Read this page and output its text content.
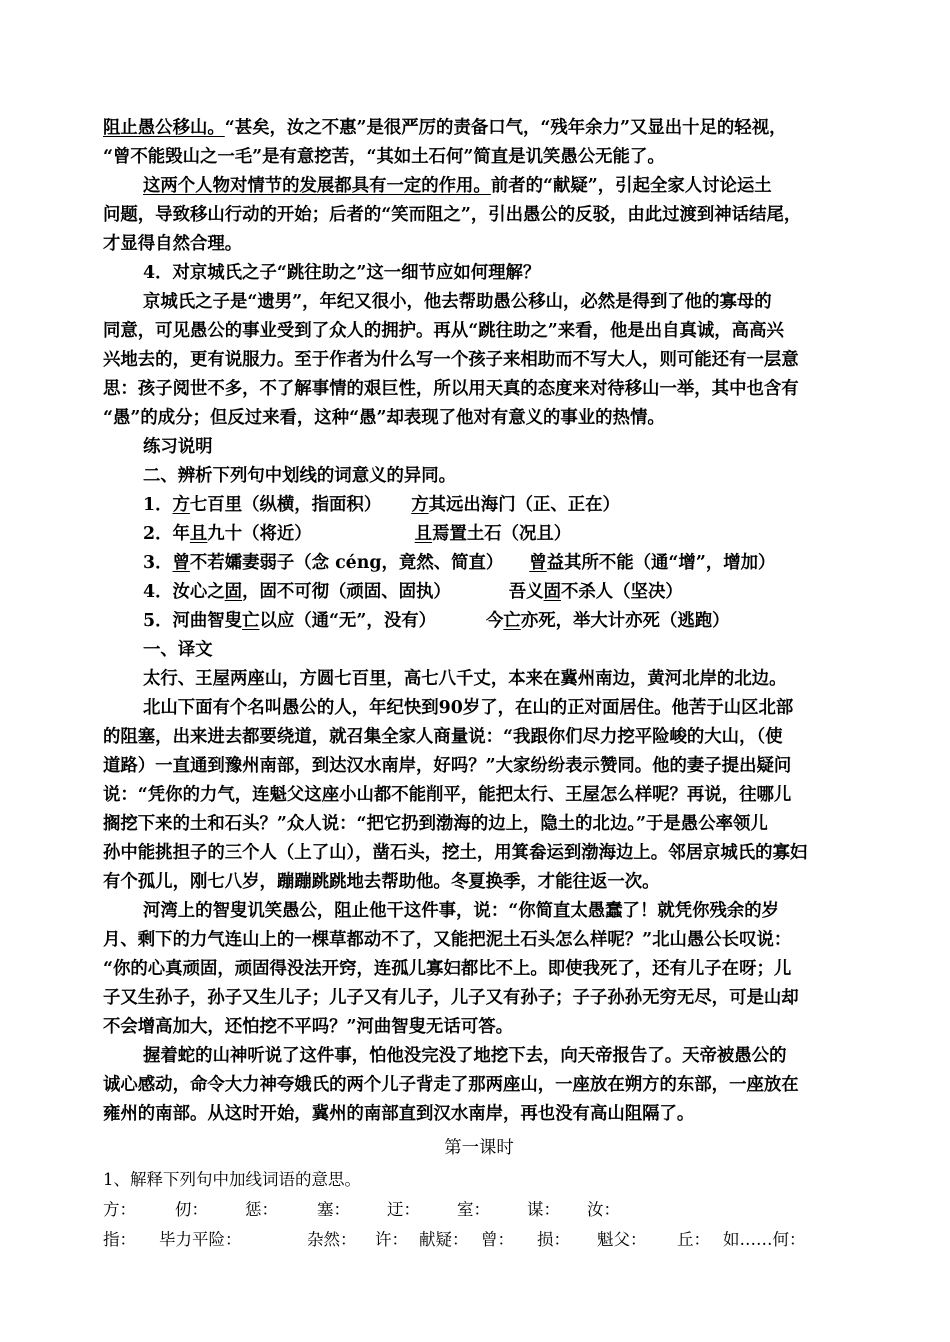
阻止愚公移山。“甚矣，汝之不惠”是很严厉的责备口气，“残年余力”又显出十足的轻视，
“曾不能毁山之一毛”是有意挖苦，“其如土石何”简直是讥笑愚公无能了。
这两个人物对情节的发展都具有一定的作用。前者的“献疑”，引起全家人讨论运土
问题，导致移山行动的开始；后者的“笑而阻之”，引出愚公的反驳，由此过渡到神话结尾，
才显得自然合理。
4．对京城氏之子“跳往助之”这一细节应如何理解？
京城氏之子是“遗男”，年纪又很小，他去帮助愚公移山，必然是得到了他的寡母的
同意，可见愚公的事业受到了众人的拥护。再从“跳往助之”来看，他是出自真诚，高高兴
兴地去的，更有说服力。至于作者为什么写一个孩子来相助而不写大人，则可能还有一层意
思：孩子阅世不多，不了解事情的艰巨性，所以用天真的态度来对待移山一举，其中也含有
“愚”的成分；但反过来看，这种“愚”却表现了他对有意义的事业的热情。
练习说明
二、辨析下列句中划线的词意义的异同。
1．方七百里（纵横，指面积） 方其远出海门（正、正在）
2．年且九十（将近）	且焉置土石（况且）
3．曾不若孀妻弱子（念 céng，竟然、简直） 曾益其所不能（通“增”，增加）
4．汝心之固，固不可彻（顽固、固执）	吾义固不杀人（坚决）
5．河曲智叟亡以应（通“无”，没有）	今亡亦死，举大计亦死（逃跑）
一、译文
太行、王屋两座山，方圆七百里，高七八千丈，本来在冀州南边，黄河北岸的北边。
北山下面有个名叫愚公的人，年纪快到90岁了，在山的正对面居住。他苦于山区北部
的阻塞，出来进去都要绕道，就召集全家人商量说：“我跟你们尽力挖平险峻的大山，（使
道路）一直通到豫州南部，到达汉水南岸，好吗？”大家纷纷表示赞同。他的妻子提出疑问
说：“凭你的力气，连魁父这座小山都不能削平，能把太行、王屋怎么样呢？再说，往哪儿
搁挖下来的土和石头？”众人说：“把它扔到渤海的边上，隐土的北边。”于是愚公率领儿
孙中能挑担子的三个人（上了山），凿石头，挖土，用箕畚运到渤海边上。邻居京城氏的寡妇
有个孤儿，刚七八岁，蹦蹦跳跳地去帮助他。冬夏换季，才能往返一次。
河湾上的智叟讥笑愚公，阻止他干这件事，说：“你简直太愚蠢了！就凭你残余的岁
月、剩下的力气连山上的一棵草都动不了，又能把泥土石头怎么样呢？”北山愚公长叹说：
“你的心真顽固，顽固得没法开窍，连孤儿寡妇都比不上。即使我死了，还有儿子在呀；儿
子又生孙子，孙子又生儿子；儿子又有儿子，儿子又有孙子；子子孙孙无穷无尽，可是山却
不会增高加大，还怕挖不平吗？”河曲智叟无话可答。
握着蛇的山神听说了这件事，怕他没完没了地挖下去，向天帝报告了。天帝被愚公的
诚心感动，命令大力神夸娥氏的两个儿子背走了那两座山，一座放在朔方的东部，一座放在
雍州的南部。从这时开始，冀州的南部直到汉水南岸，再也没有高山阻隔了。
第一课时
1、解释下列句中加线词语的意思。
方： 仞： 惩： 塞： 迂： 室： 谋： 汝：
指： 毕力平险：	杂然： 许： 献疑： 曾： 损： 魁父： 丘： 如……何：
